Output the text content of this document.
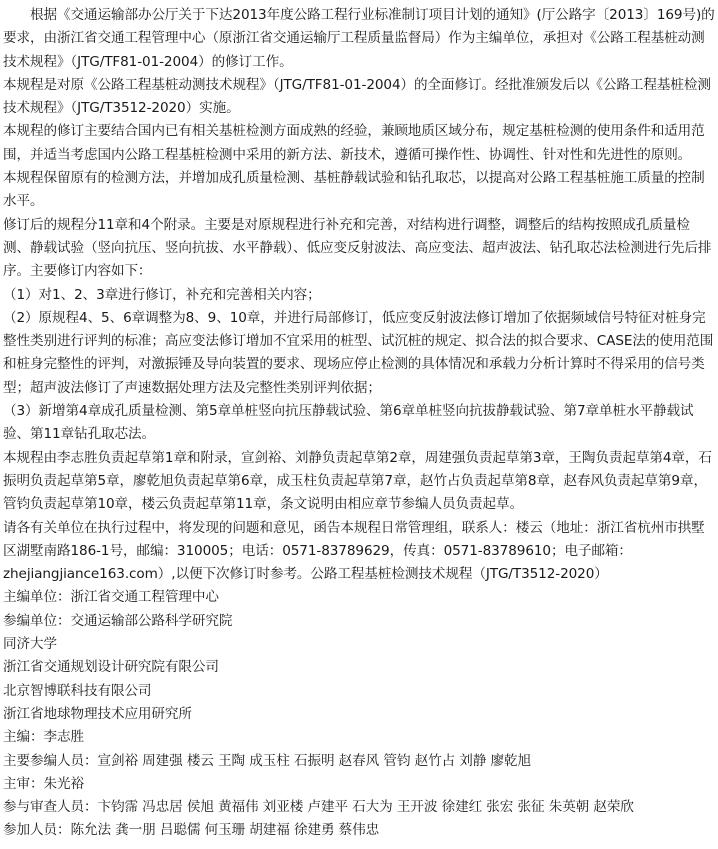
根据《交通运输部办公厅关于下达2013年度公路工程行业标准制订项目计划的通知》(厅公路字〔2013〕169号)的要求，由浙江省交通工程管理中心（原浙江省交通运输厅工程质量监督局）作为主编单位，承担对《公路工程基桩动测技术规程》（JTG/TF81-01-2004）的修订工作。

本规程是对原《公路工程基桩动测技术规程》（JTG/TF81-01-2004）的全面修订。经批准颁发后以《公路工程基桩检测技术规程》（JTG/T3512-2020）实施。

本规程的修订主要结合国内已有相关基桩检测方面成熟的经验，兼顾地质区域分布，规定基桩检测的使用条件和适用范围，并适当考虑国内公路工程基桩检测中采用的新方法、新技术，遵循可操作性、协调性、针对性和先进性的原则。

本规程保留原有的检测方法，并增加成孔质量检测、基桩静载试验和钻孔取芯，以提高对公路工程基桩施工质量的控制水平。

修订后的规程分11章和4个附录。主要是对原规程进行补充和完善，对结构进行调整，调整后的结构按照成孔质量检测、静载试验（竖向抗压、竖向抗拔、水平静载）、低应变反射波法、高应变法、超声波法、钻孔取芯法检测进行先后排序。主要修订内容如下：

（1）对1、2、3章进行修订，补充和完善相关内容；

（2）原规程4、5、6章调整为8、9、10章，并进行局部修订，低应变反射波法修订增加了依据频域信号特征对桩身完整性类别进行评判的标准；高应变法修订增加不宜采用的桩型、试沉桩的规定、拟合法的拟合要求、CASE法的使用范围和桩身完整性的评判，对激振锤及导向装置的要求、现场应停止检测的具体情况和承载力分析计算时不得采用的信号类型；超声波法修订了声速数据处理方法及完整性类别评判依据；

（3）新增第4章成孔质量检测、第5章单桩竖向抗压静载试验、第6章单桩竖向抗拔静载试验、第7章单桩水平静载试验、第11章钻孔取芯法。

本规程由李志胜负责起草第1章和附录，宣剑裕、刘静负责起草第2章，周建强负责起草第3章，王陶负责起草第4章，石振明负责起草第5章，廖乾旭负责起草第6章，成玉柱负责起草第7章，赵竹占负责起草第8章，赵春风负责起草第9章，管钧负责起草第10章，楼云负责起草第11章，条文说明由相应章节参编人员负责起草。

请各有关单位在执行过程中，将发现的问题和意见，函告本规程日常管理组，联系人：楼云（地址：浙江省杭州市拱墅区湖墅南路186-1号，邮编：310005；电话：0571-83789629，传真：0571-83789610；电子邮箱：zhejiangjiance163.com）,以便下次修订时参考。公路工程基桩检测技术规程（JTG/T3512-2020）

主编单位：浙江省交通工程管理中心

参编单位：交通运输部公路科学研究院

同济大学

浙江省交通规划设计研究院有限公司

北京智博联科技有限公司

浙江省地球物理技术应用研究所

主编：李志胜

主要参编人员：宣剑裕 周建强 楼云 王陶 成玉柱 石振明 赵春风 管钧 赵竹占 刘静 廖乾旭

主审：朱光裕

参与审查人员：卞钧霈 冯忠居 侯旭 黄福伟 刘亚楼 卢建平 石大为 王开波 徐建红 张宏 张征 朱英朝 赵荣欣

参加人员：陈允法 龚一朋 吕聪儒 何玉珊 胡建福 徐建勇 蔡伟忠
